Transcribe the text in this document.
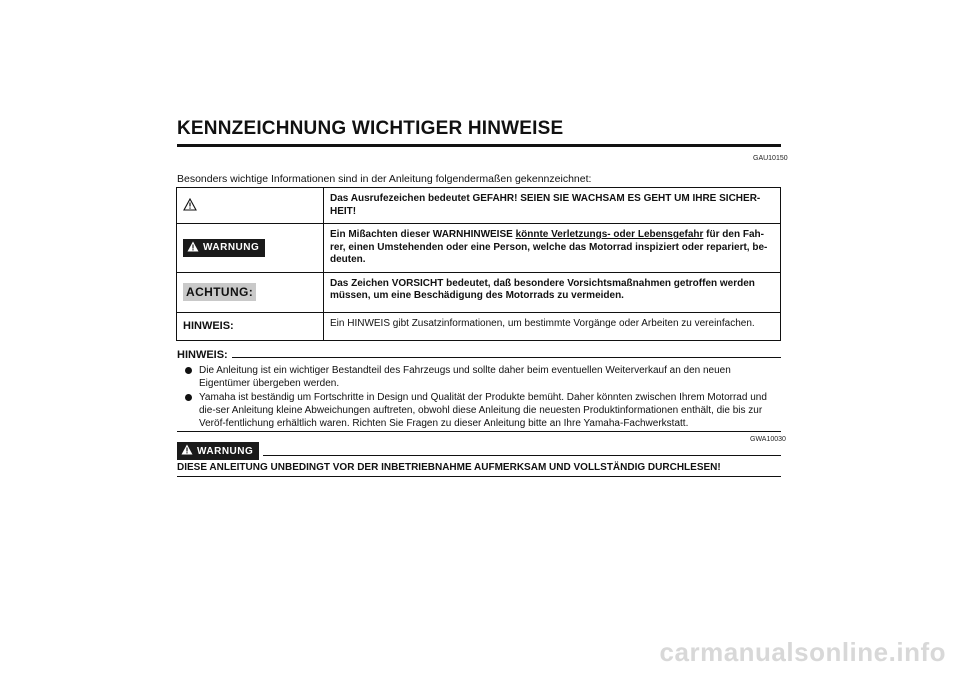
KENNZEICHNUNG WICHTIGER HINWEISE
GAU10150
Besonders wichtige Informationen sind in der Anleitung folgendermaßen gekennzeichnet:
	Das Ausrufezeichen bedeutet GEFAHR! SEIEN SIE WACHSAM ES GEHT UM IHRE SICHER-HEIT!

WARNUNG	Ein Mißachten dieser WARNHINWEISE könnte Verletzungs- oder Lebensgefahr für den Fah-rer, einen Umstehenden oder eine Person, welche das Motorrad inspiziert oder repariert, be-deuten.
ACHTUNG:	Das Zeichen VORSICHT bedeutet, daß besondere Vorsichtsmaßnahmen getroffen werden müssen, um eine Beschädigung des Motorrads zu vermeiden.
HINWEIS:	Ein HINWEIS gibt Zusatzinformationen, um bestimmte Vorgänge oder Arbeiten zu vereinfachen.
HINWEIS:
Die Anleitung ist ein wichtiger Bestandteil des Fahrzeugs und sollte daher beim eventuellen Weiterverkauf an den neuen Eigentümer übergeben werden.
Yamaha ist beständig um Fortschritte in Design und Qualität der Produkte bemüht. Daher könnten zwischen Ihrem Motorrad und die-ser Anleitung kleine Abweichungen auftreten, obwohl diese Anleitung die neuesten Produktinformationen enthält, die bis zur Veröf-fentlichung erhältlich waren. Richten Sie Fragen zu dieser Anleitung bitte an Ihre Yamaha-Fachwerkstatt.
GWA10030
WARNUNG
DIESE ANLEITUNG UNBEDINGT VOR DER INBETRIEBNAHME AUFMERKSAM UND VOLLSTÄNDIG DURCHLESEN!
carmanualsonline.info
